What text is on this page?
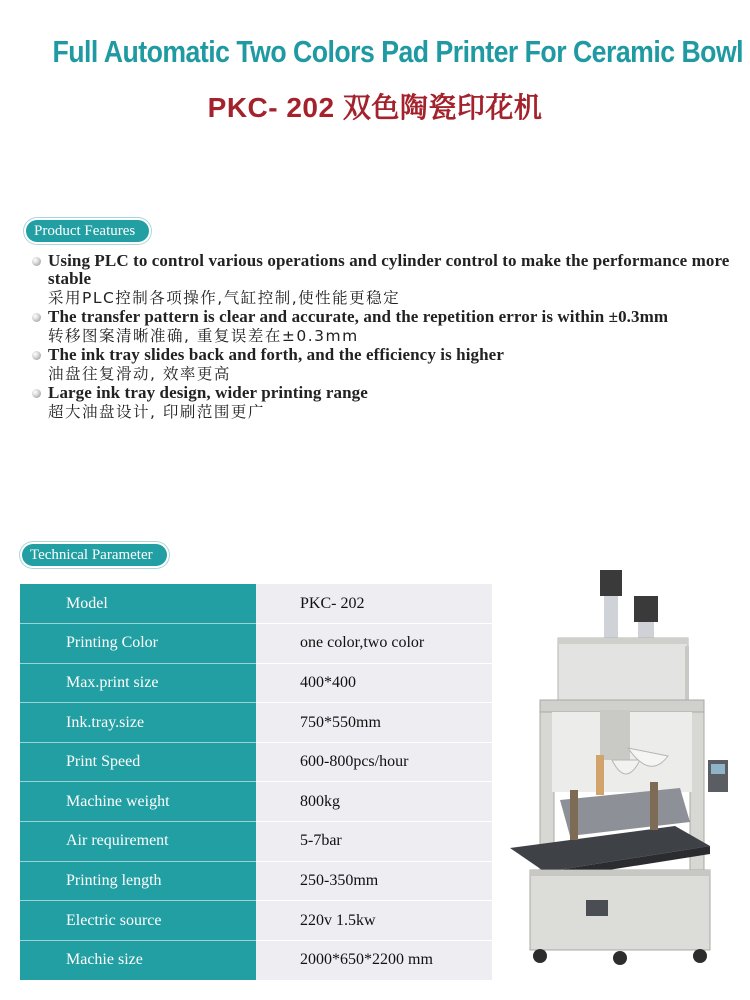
Full Automatic Two Colors Pad Printer For Ceramic Bowl
PKC- 202 双色陶瓷印花机
Product Features
Using PLC to control various operations and cylinder control to make the performance more stable
采用PLC控制各项操作,气缸控制,使性能更稳定
The transfer pattern is clear and accurate, and the repetition error is within ±0.3mm
转移图案清晰准确, 重复误差在±0.3mm
The ink tray slides back and forth, and the efficiency is higher
油盘往复滑动, 效率更高
Large ink tray design, wider printing range
超大油盘设计, 印刷范围更广
Technical Parameter
Model	PKC- 202
Printing Color	one color,two color
Max.print size	400*400
Ink.tray.size	750*550mm
Print Speed	600-800pcs/hour
Machine weight	800kg
Air requirement	5-7bar
Printing length	250-350mm
Electric source	220v 1.5kw
Machie size	2000*650*2200 mm
